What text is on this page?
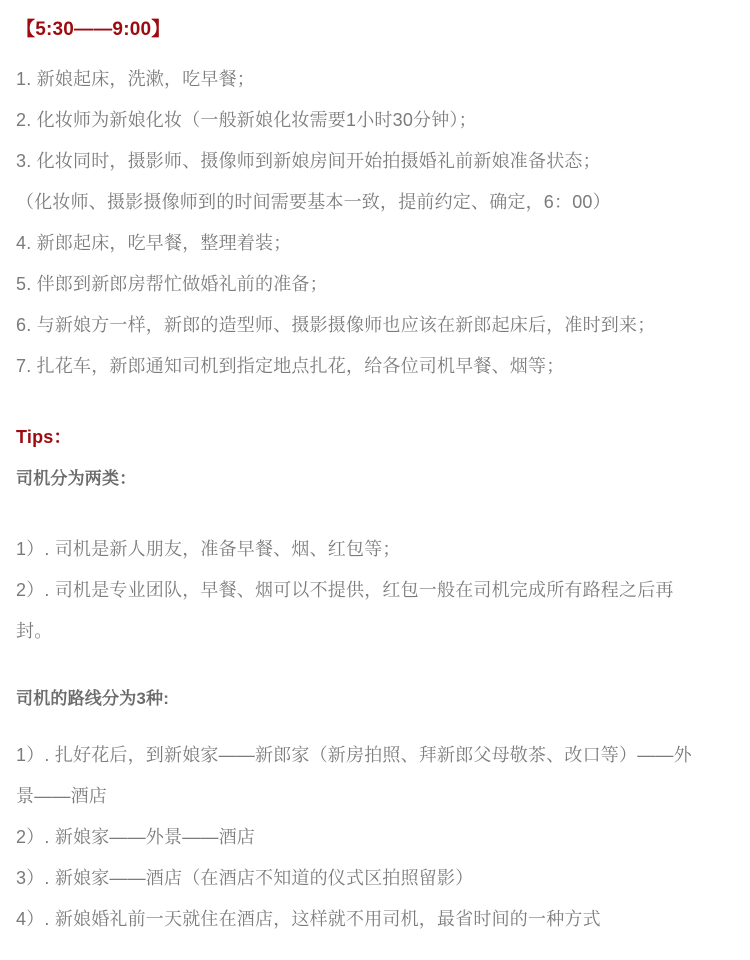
【5:30——9:00】

1. 新娘起床，洗漱，吃早餐；

2. 化妆师为新娘化妆（一般新娘化妆需要1小时30分钟）；

3. 化妆同时，摄影师、摄像师到新娘房间开始拍摄婚礼前新娘准备状态；

（化妆师、摄影摄像师到的时间需要基本一致，提前约定、确定，6：00）

4. 新郎起床，吃早餐，整理着装；

5. 伴郎到新郎房帮忙做婚礼前的准备；

6. 与新娘方一样，新郎的造型师、摄影摄像师也应该在新郎起床后，准时到来；

7. 扎花车，新郎通知司机到指定地点扎花，给各位司机早餐、烟等；

Tips：

司机分为两类：

1）. 司机是新人朋友，准备早餐、烟、红包等；

2）. 司机是专业团队，早餐、烟可以不提供，红包一般在司机完成所有路程之后再封。

司机的路线分为3种:

1）. 扎好花后，到新娘家——新郎家（新房拍照、拜新郎父母敬茶、改口等）——外景——酒店

2）. 新娘家——外景——酒店

3）. 新娘家——酒店（在酒店不知道的仪式区拍照留影）

4）. 新娘婚礼前一天就住在酒店，这样就不用司机，最省时间的一种方式
